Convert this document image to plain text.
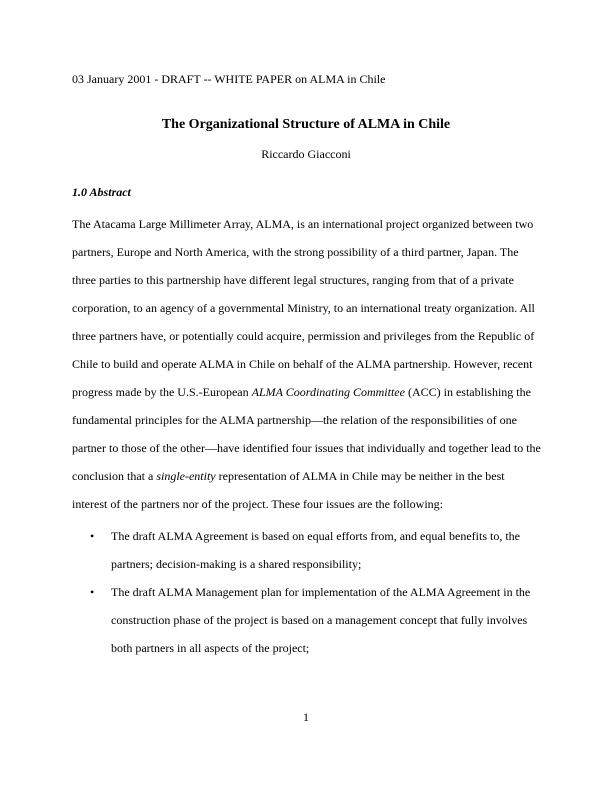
03 January 2001 - DRAFT -- WHITE PAPER on ALMA in Chile
The Organizational Structure of ALMA in Chile
Riccardo Giacconi
1.0 Abstract
The Atacama Large Millimeter Array, ALMA, is an international project organized between two
partners, Europe and North America, with the strong possibility of a third partner, Japan. The
three parties to this partnership have different legal structures, ranging from that of a private
corporation, to an agency of a governmental Ministry, to an international treaty organization. All
three partners have, or potentially could acquire, permission and privileges from the Republic of
Chile to build and operate ALMA in Chile on behalf of the ALMA partnership. However, recent
progress made by the U.S.-European ALMA Coordinating Committee (ACC) in establishing the
fundamental principles for the ALMA partnership—the relation of the responsibilities of one
partner to those of the other—have identified four issues that individually and together lead to the
conclusion that a single-entity representation of ALMA in Chile may be neither in the best
interest of the partners nor of the project. These four issues are the following:
• The draft ALMA Agreement is based on equal efforts from, and equal benefits to, the
partners; decision-making is a shared responsibility;
• The draft ALMA Management plan for implementation of the ALMA Agreement in the
construction phase of the project is based on a management concept that fully involves
both partners in all aspects of the project;
1
